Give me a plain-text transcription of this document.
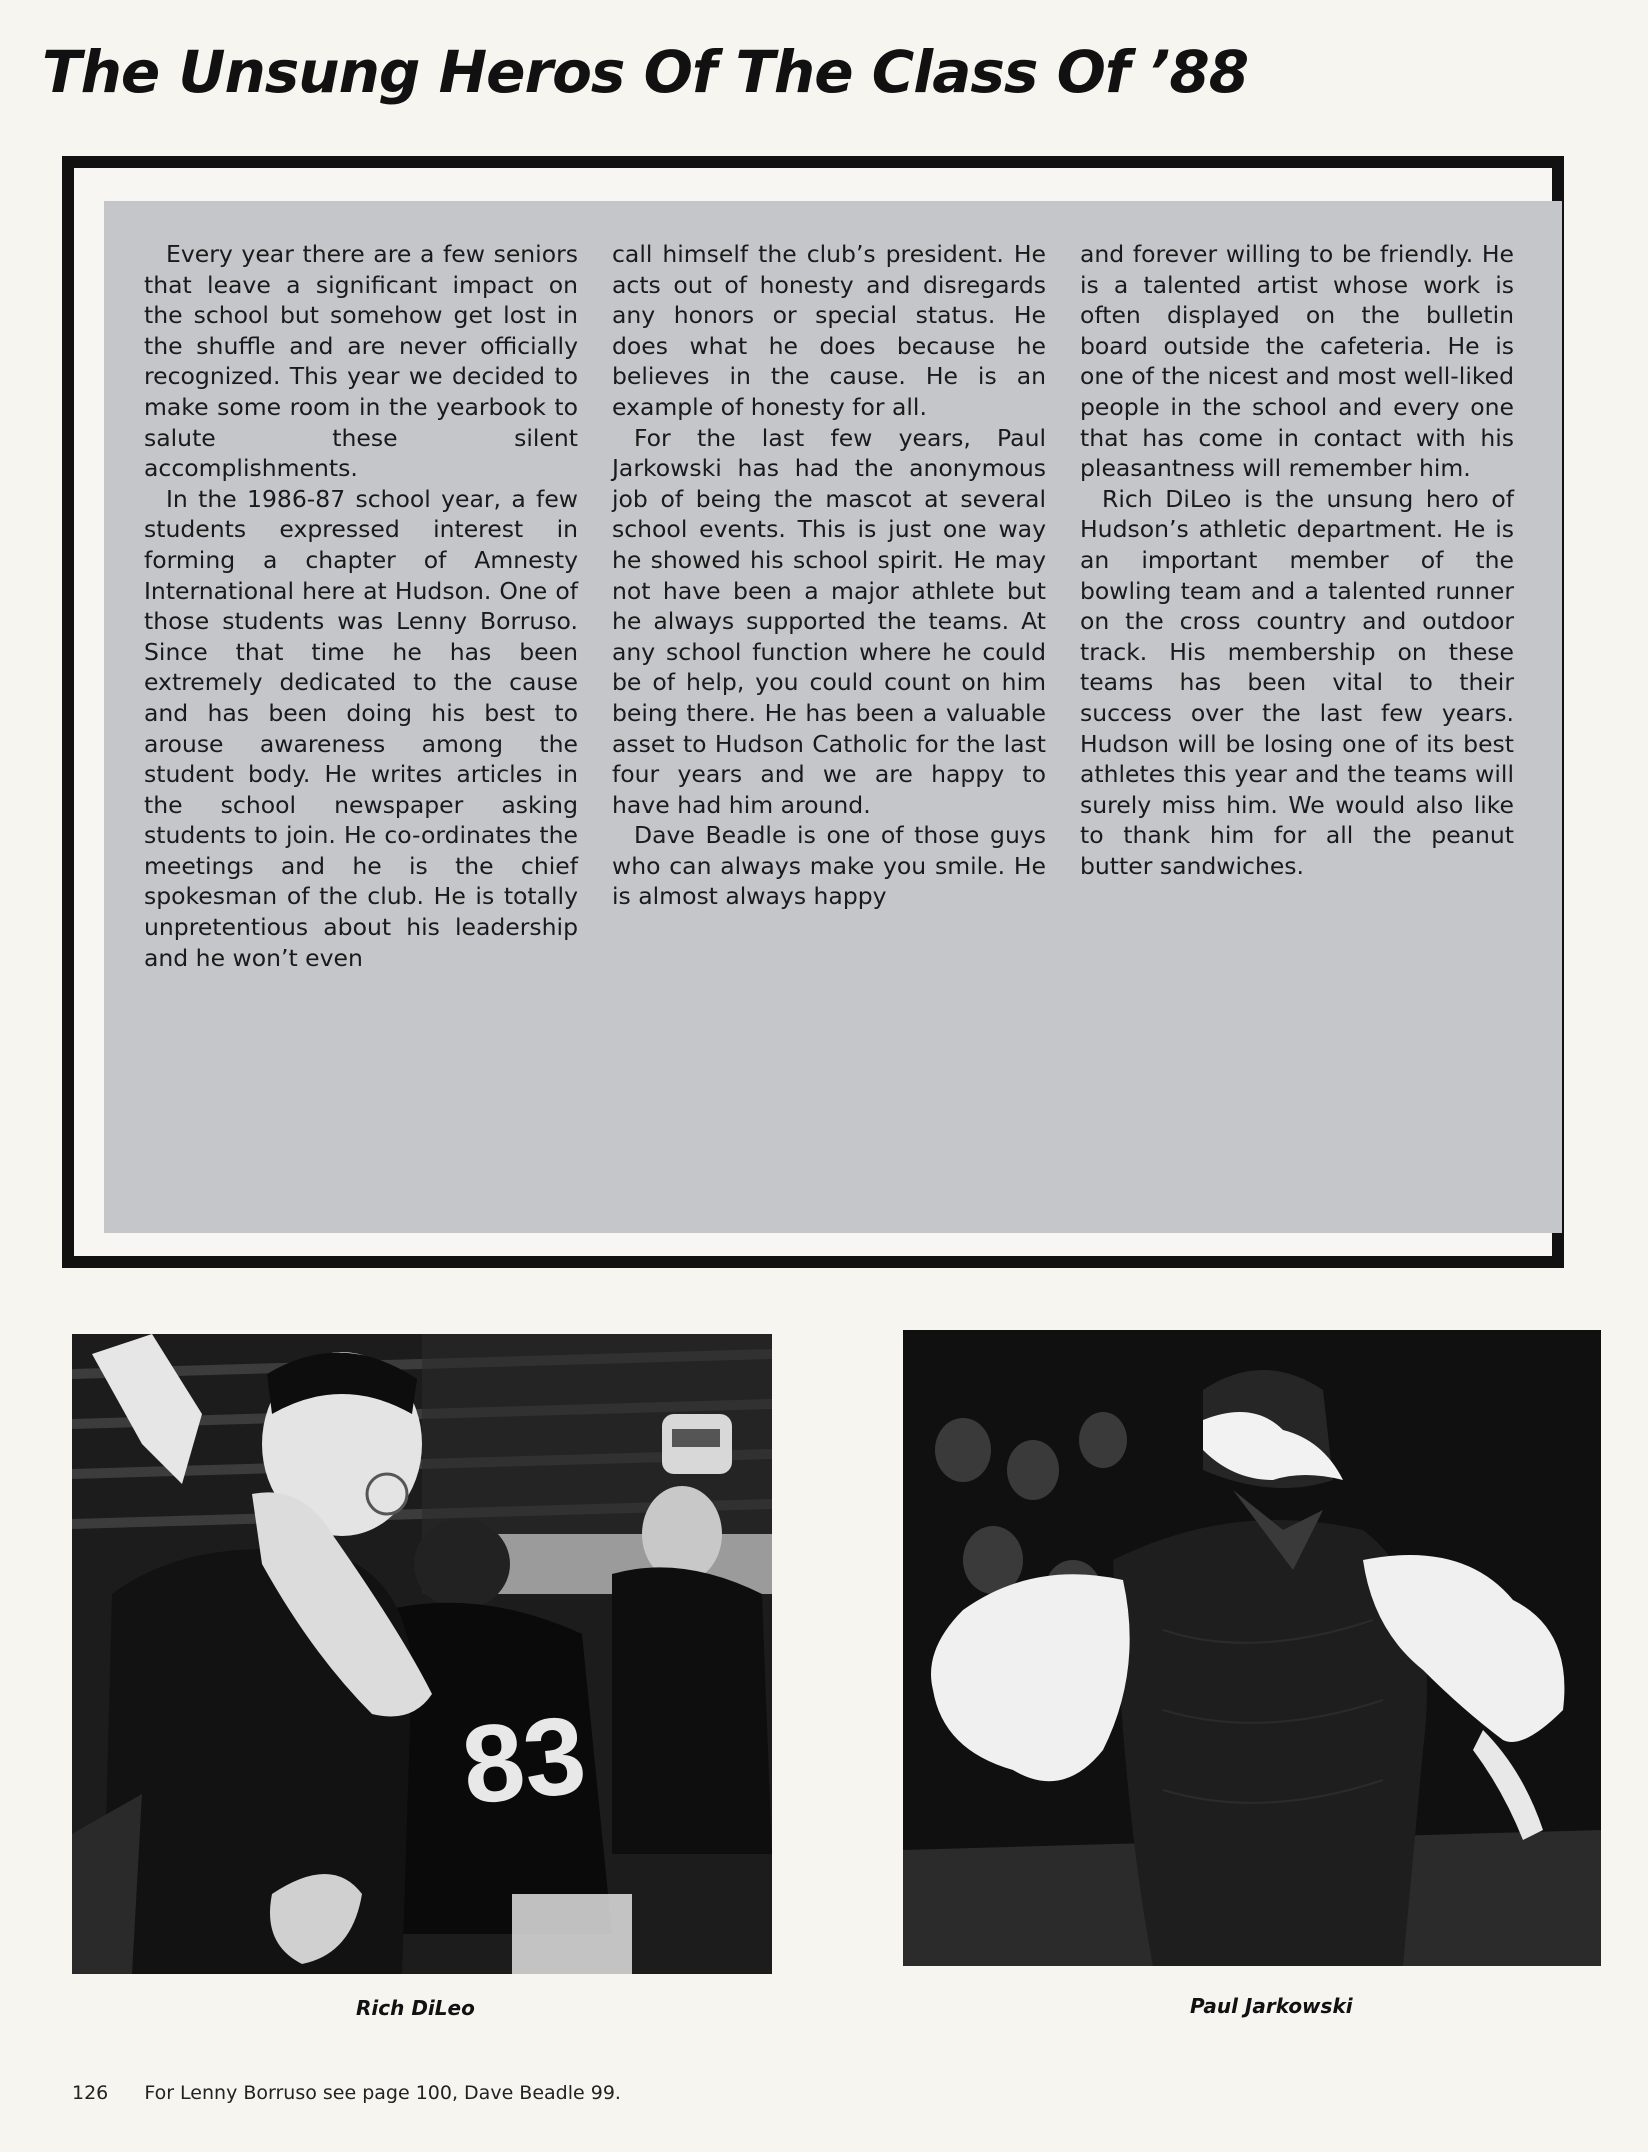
The Unsung Heros Of The Class Of ’88

Every year there are a few seniors that leave a significant impact on the school but somehow get lost in the shuffle and are never officially recognized. This year we decided to make some room in the yearbook to salute these silent accomplishments.

In the 1986-87 school year, a few students expressed interest in forming a chapter of Amnesty International here at Hudson. One of those students was Lenny Borruso. Since that time he has been extremely dedicated to the cause and has been doing his best to arouse awareness among the student body. He writes articles in the school newspaper asking students to join. He co-ordinates the meetings and he is the chief spokesman of the club. He is totally unpretentious about his leadership and he won’t even

call himself the club’s president. He acts out of honesty and disregards any honors or special status. He does what he does because he believes in the cause. He is an example of honesty for all.

For the last few years, Paul Jarkowski has had the anonymous job of being the mascot at several school events. This is just one way he showed his school spirit. He may not have been a major athlete but he always supported the teams. At any school function where he could be of help, you could count on him being there. He has been a valuable asset to Hudson Catholic for the last four years and we are happy to have had him around.

Dave Beadle is one of those guys who can always make you smile. He is almost always happy

and forever willing to be friendly. He is a talented artist whose work is often displayed on the bulletin board outside the cafeteria. He is one of the nicest and most well-liked people in the school and every one that has come in contact with his pleasantness will remember him.

Rich DiLeo is the unsung hero of Hudson’s athletic department. He is an important member of the bowling team and a talented runner on the cross country and outdoor track. His membership on these teams has been vital to their success over the last few years. Hudson will be losing one of its best athletes this year and the teams will surely miss him. We would also like to thank him for all the peanut butter sandwiches.

83
Rich DiLeo	Paul Jarkowski
126 For Lenny Borruso see page 100, Dave Beadle 99.
